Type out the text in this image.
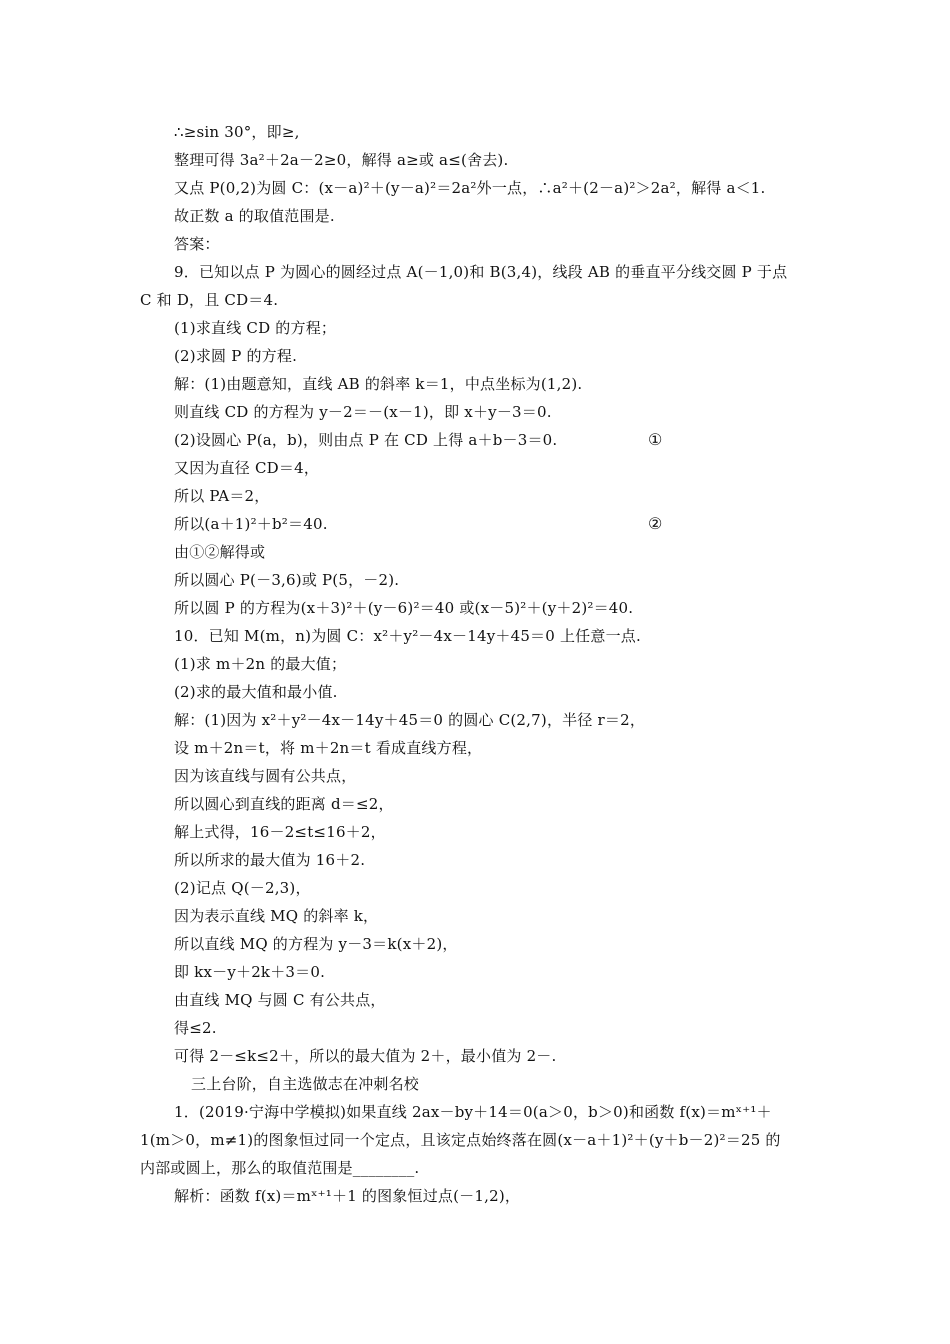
∴≥sin 30°，即≥,
整理可得 3a²＋2a－2≥0，解得 a≥或 a≤(舍去).
又点 P(0,2)为圆 C：(x－a)²＋(y－a)²＝2a²外一点，∴a²＋(2－a)²＞2a²，解得 a＜1.
故正数 a 的取值范围是.
答案：
9．已知以点 P 为圆心的圆经过点 A(－1,0)和 B(3,4)，线段 AB 的垂直平分线交圆 P 于点
C 和 D，且 CD＝4.
(1)求直线 CD 的方程；
(2)求圆 P 的方程.
解：(1)由题意知，直线 AB 的斜率 k＝1，中点坐标为(1,2).
则直线 CD 的方程为 y－2＝－(x－1)，即 x＋y－3＝0.
(2)设圆心 P(a，b)，则由点 P 在 CD 上得 a＋b－3＝0.	①
又因为直径 CD＝4，
所以 PA＝2，
所以(a＋1)²＋b²＝40.	②
由①②解得或
所以圆心 P(－3,6)或 P(5，－2).
所以圆 P 的方程为(x＋3)²＋(y－6)²＝40 或(x－5)²＋(y＋2)²＝40.
10．已知 M(m，n)为圆 C：x²＋y²－4x－14y＋45＝0 上任意一点.
(1)求 m＋2n 的最大值；
(2)求的最大值和最小值.
解：(1)因为 x²＋y²－4x－14y＋45＝0 的圆心 C(2,7)，半径 r＝2，
设 m＋2n＝t，将 m＋2n＝t 看成直线方程，
因为该直线与圆有公共点，
所以圆心到直线的距离 d＝≤2，
解上式得，16－2≤t≤16＋2，
所以所求的最大值为 16＋2.
(2)记点 Q(－2,3)，
因为表示直线 MQ 的斜率 k，
所以直线 MQ 的方程为 y－3＝k(x＋2)，
即 kx－y＋2k＋3＝0.
由直线 MQ 与圆 C 有公共点，
得≤2.
可得 2－≤k≤2＋，所以的最大值为 2＋，最小值为 2－.
三上台阶，自主选做志在冲刺名校
1．(2019·宁海中学模拟)如果直线 2ax－by＋14＝0(a＞0，b＞0)和函数 f(x)＝mˣ⁺¹＋
1(m＞0，m≠1)的图象恒过同一个定点，且该定点始终落在圆(x－a＋1)²＋(y＋b－2)²＝25 的
内部或圆上，那么的取值范围是________.
解析：函数 f(x)＝mˣ⁺¹＋1 的图象恒过点(－1,2)，
